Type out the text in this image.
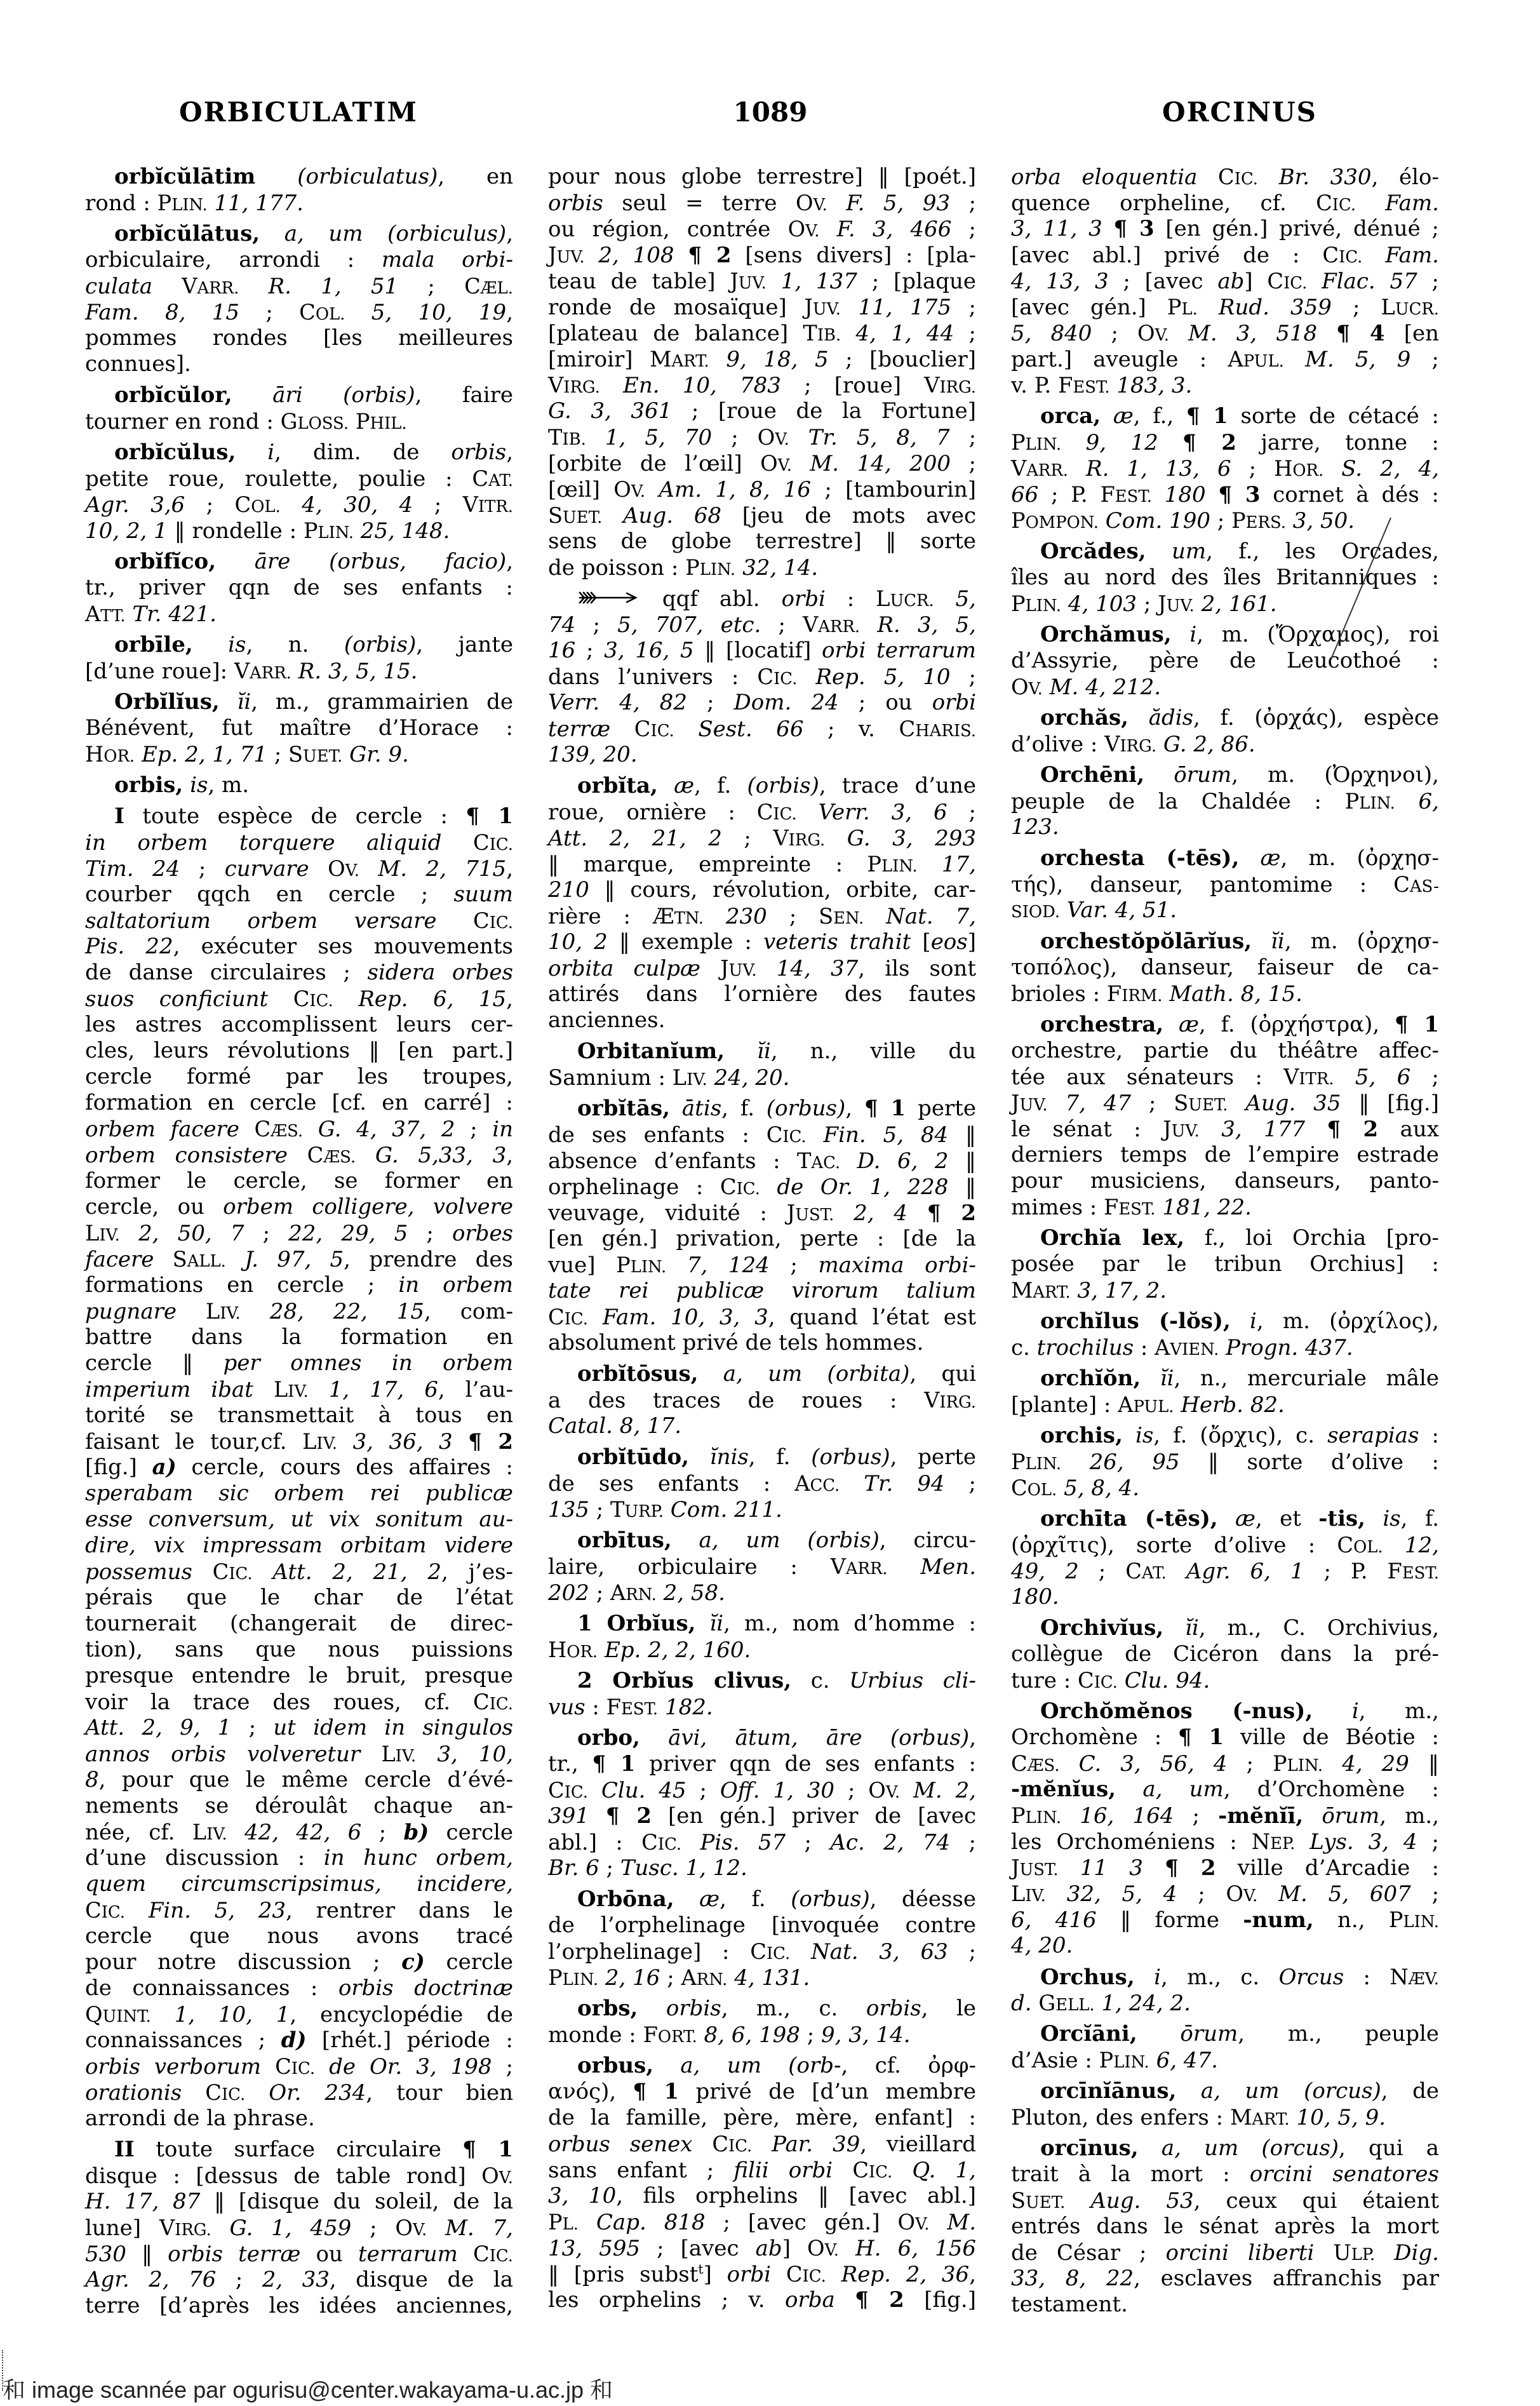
ORBICULATIM	1089	ORCINUS
orbĭcŭlātim (orbiculatus), en
rond : PLIN. 11, 177.
orbĭcŭlātus, a, um (orbiculus),
orbiculaire, arrondi : mala orbi-
culata VARR. R. 1, 51 ; CÆL.
Fam. 8, 15 ; COL. 5, 10, 19,
pommes rondes [les meilleures
connues].
orbĭcŭlor, āri (orbis), faire
tourner en rond : GLOSS. PHIL.
orbĭcŭlus, i, dim. de orbis,
petite roue, roulette, poulie : CAT.
Agr. 3,6 ; COL. 4, 30, 4 ; VITR.
10, 2, 1 ‖ rondelle : PLIN. 25, 148.
orbĭfĭco, āre (orbus, facio),
tr., priver qqn de ses enfants :
ATT. Tr. 421.
orbīle, is, n. (orbis), jante
[d’une roue]: VARR. R. 3, 5, 15.
Orbĭlĭus, ĭi, m., grammairien de
Bénévent, fut maître d’Horace :
HOR. Ep. 2, 1, 71 ; SUET. Gr. 9.
orbis, is, m.
I toute espèce de cercle : ¶ 1
in orbem torquere aliquid CIC.
Tim. 24 ; curvare OV. M. 2, 715,
courber qqch en cercle ; suum
saltatorium orbem versare CIC.
Pis. 22, exécuter ses mouvements
de danse circulaires ; sidera orbes
suos conficiunt CIC. Rep. 6, 15,
les astres accomplissent leurs cer-
cles, leurs révolutions ‖ [en part.]
cercle formé par les troupes,
formation en cercle [cf. en carré] :
orbem facere CÆS. G. 4, 37, 2 ; in
orbem consistere CÆS. G. 5,33, 3,
former le cercle, se former en
cercle, ou orbem colligere, volvere
LIV. 2, 50, 7 ; 22, 29, 5 ; orbes
facere SALL. J. 97, 5, prendre des
formations en cercle ; in orbem
pugnare LIV. 28, 22, 15, com-
battre dans la formation en
cercle ‖ per omnes in orbem
imperium ibat LIV. 1, 17, 6, l’au-
torité se transmettait à tous en
faisant le tour,cf. LIV. 3, 36, 3 ¶ 2
[fig.] a) cercle, cours des affaires :
sperabam sic orbem rei publicæ
esse conversum, ut vix sonitum au-
dire, vix impressam orbitam videre
possemus CIC. Att. 2, 21, 2, j’es-
pérais que le char de l’état
tournerait (changerait de direc-
tion), sans que nous puissions
presque entendre le bruit, presque
voir la trace des roues, cf. CIC.
Att. 2, 9, 1 ; ut idem in singulos
annos orbis volveretur LIV. 3, 10,
8, pour que le même cercle d’évé-
nements se déroulât chaque an-
née, cf. LIV. 42, 42, 6 ; b) cercle
d’une discussion : in hunc orbem,
quem circumscripsimus, incidere,
CIC. Fin. 5, 23, rentrer dans le
cercle que nous avons tracé
pour notre discussion ; c) cercle
de connaissances : orbis doctrinæ
QUINT. 1, 10, 1, encyclopédie de
connaissances ; d) [rhét.] période :
orbis verborum CIC. de Or. 3, 198 ;
orationis CIC. Or. 234, tour bien
arrondi de la phrase.
II toute surface circulaire ¶ 1
disque : [dessus de table rond] OV.
H. 17, 87 ‖ [disque du soleil, de la
lune] VIRG. G. 1, 459 ; OV. M. 7,
530 ‖ orbis terræ ou terrarum CIC.
Agr. 2, 76 ; 2, 33, disque de la
terre [d’après les idées anciennes,
pour nous globe terrestre] ‖ [poét.]
orbis seul = terre OV. F. 5, 93 ;
ou région, contrée OV. F. 3, 466 ;
JUV. 2, 108 ¶ 2 [sens divers] : [pla-
teau de table] JUV. 1, 137 ; [plaque
ronde de mosaïque] JUV. 11, 175 ;
[plateau de balance] TIB. 4, 1, 44 ;
[miroir] MART. 9, 18, 5 ; [bouclier]
VIRG. En. 10, 783 ; [roue] VIRG.
G. 3, 361 ; [roue de la Fortune]
TIB. 1, 5, 70 ; OV. Tr. 5, 8, 7 ;
[orbite de l’œil] OV. M. 14, 200 ;
[œil] OV. Am. 1, 8, 16 ; [tambourin]
SUET. Aug. 68 [jeu de mots avec
sens de globe terrestre] ‖ sorte
de poisson : PLIN. 32, 14.
qqf abl. orbi : LUCR. 5,
74 ; 5, 707, etc. ; VARR. R. 3, 5,
16 ; 3, 16, 5 ‖ [locatif] orbi terrarum
dans l’univers : CIC. Rep. 5, 10 ;
Verr. 4, 82 ; Dom. 24 ; ou orbi
terræ CIC. Sest. 66 ; v. CHARIS.
139, 20.
orbĭta, æ, f. (orbis), trace d’une
roue, ornière : CIC. Verr. 3, 6 ;
Att. 2, 21, 2 ; VIRG. G. 3, 293
‖ marque, empreinte : PLIN. 17,
210 ‖ cours, révolution, orbite, car-
rière : ÆTN. 230 ; SEN. Nat. 7,
10, 2 ‖ exemple : veteris trahit [eos]
orbita culpæ JUV. 14, 37, ils sont
attirés dans l’ornière des fautes
anciennes.
Orbitanĭum, ĭi, n., ville du
Samnium : LIV. 24, 20.
orbĭtās, ātis, f. (orbus), ¶ 1 perte
de ses enfants : CIC. Fin. 5, 84 ‖
absence d’enfants : TAC. D. 6, 2 ‖
orphelinage : CIC. de Or. 1, 228 ‖
veuvage, viduité : JUST. 2, 4 ¶ 2
[en gén.] privation, perte : [de la
vue] PLIN. 7, 124 ; maxima orbi-
tate rei publicæ virorum talium
CIC. Fam. 10, 3, 3, quand l’état est
absolument privé de tels hommes.
orbĭtōsus, a, um (orbita), qui
a des traces de roues : VIRG.
Catal. 8, 17.
orbĭtūdo, ĭnis, f. (orbus), perte
de ses enfants : ACC. Tr. 94 ;
135 ; TURP. Com. 211.
orbītus, a, um (orbis), circu-
laire, orbiculaire : VARR. Men.
202 ; ARN. 2, 58.
1 Orbĭus, ĭi, m., nom d’homme :
HOR. Ep. 2, 2, 160.
2 Orbĭus clivus, c. Urbius cli-
vus : FEST. 182.
orbo, āvi, ātum, āre (orbus),
tr., ¶ 1 priver qqn de ses enfants :
CIC. Clu. 45 ; Off. 1, 30 ; OV. M. 2,
391 ¶ 2 [en gén.] priver de [avec
abl.] : CIC. Pis. 57 ; Ac. 2, 74 ;
Br. 6 ; Tusc. 1, 12.
Orbōna, æ, f. (orbus), déesse
de l’orphelinage [invoquée contre
l’orphelinage] : CIC. Nat. 3, 63 ;
PLIN. 2, 16 ; ARN. 4, 131.
orbs, orbis, m., c. orbis, le
monde : FORT. 8, 6, 198 ; 9, 3, 14.
orbus, a, um (orb-, cf. ὀρφ-
ανός), ¶ 1 privé de [d’un membre
de la famille, père, mère, enfant] :
orbus senex CIC. Par. 39, vieillard
sans enfant ; filii orbi CIC. Q. 1,
3, 10, fils orphelins ‖ [avec abl.]
PL. Cap. 818 ; [avec gén.] OV. M.
13, 595 ; [avec ab] OV. H. 6, 156
‖ [pris subst$^t$] orbi CIC. Rep. 2, 36,
les orphelins ; v. orba ¶ 2 [fig.]
orba eloquentia CIC. Br. 330, élo-
quence orpheline, cf. CIC. Fam.
3, 11, 3 ¶ 3 [en gén.] privé, dénué ;
[avec abl.] privé de : CIC. Fam.
4, 13, 3 ; [avec ab] CIC. Flac. 57 ;
[avec gén.] PL. Rud. 359 ; LUCR.
5, 840 ; OV. M. 3, 518 ¶ 4 [en
part.] aveugle : APUL. M. 5, 9 ;
v. P. FEST. 183, 3.
orca, æ, f., ¶ 1 sorte de cétacé :
PLIN. 9, 12 ¶ 2 jarre, tonne :
VARR. R. 1, 13, 6 ; HOR. S. 2, 4,
66 ; P. FEST. 180 ¶ 3 cornet à dés :
POMPON. Com. 190 ; PERS. 3, 50.
Orcădes, um, f., les Orcades,
îles au nord des îles Britanniques :
PLIN. 4, 103 ; JUV. 2, 161.
Orchămus, i, m. (Ὄρχαμος), roi
d’Assyrie, père de Leucothoé :
OV. M. 4, 212.
orchăs, ădis, f. (ὀρχάς), espèce
d’olive : VIRG. G. 2, 86.
Orchēni, ōrum, m. (Ὀρχηνοι),
peuple de la Chaldée : PLIN. 6,
123.
orchesta (-tēs), æ, m. (ὀρχησ-
τής), danseur, pantomime : CAS-
SIOD. Var. 4, 51.
orchestŏpŏlārĭus, ĭi, m. (ὀρχησ-
τοπόλος), danseur, faiseur de ca-
brioles : FIRM. Math. 8, 15.
orchestra, æ, f. (ὀρχήστρα), ¶ 1
orchestre, partie du théâtre affec-
tée aux sénateurs : VITR. 5, 6 ;
JUV. 7, 47 ; SUET. Aug. 35 ‖ [fig.]
le sénat : JUV. 3, 177 ¶ 2 aux
derniers temps de l’empire estrade
pour musiciens, danseurs, panto-
mimes : FEST. 181, 22.
Orchĭa lex, f., loi Orchia [pro-
posée par le tribun Orchius] :
MART. 3, 17, 2.
orchĭlus (-lŏs), i, m. (ὀρχίλος),
c. trochilus : AVIEN. Progn. 437.
orchĭŏn, ĭi, n., mercuriale mâle
[plante] : APUL. Herb. 82.
orchis, is, f. (ὄρχις), c. serapias :
PLIN. 26, 95 ‖ sorte d’olive :
COL. 5, 8, 4.
orchīta (-tēs), æ, et -tis, is, f.
(ὀρχῖτις), sorte d’olive : COL. 12,
49, 2 ; CAT. Agr. 6, 1 ; P. FEST.
180.
Orchivĭus, ĭi, m., C. Orchivius,
collègue de Cicéron dans la pré-
ture : CIC. Clu. 94.
Orchŏmĕnos (-nus), i, m.,
Orchomène : ¶ 1 ville de Béotie :
CÆS. C. 3, 56, 4 ; PLIN. 4, 29 ‖
-mĕnĭus, a, um, d’Orchomène :
PLIN. 16, 164 ; -mĕnĭī, ōrum, m.,
les Orchoméniens : NEP. Lys. 3, 4 ;
JUST. 11 3 ¶ 2 ville d’Arcadie :
LIV. 32, 5, 4 ; OV. M. 5, 607 ;
6, 416 ‖ forme -num, n., PLIN.
4, 20.
Orchus, i, m., c. Orcus : NÆV.
d. GELL. 1, 24, 2.
Orcĭāni, ōrum, m., peuple
d’Asie : PLIN. 6, 47.
orcīnĭānus, a, um (orcus), de
Pluton, des enfers : MART. 10, 5, 9.
orcīnus, a, um (orcus), qui a
trait à la mort : orcini senatores
SUET. Aug. 53, ceux qui étaient
entrés dans le sénat après la mort
de César ; orcini liberti ULP. Dig.
33, 8, 22, esclaves affranchis par
testament.
和 image scannée par ogurisu@center.wakayama-u.ac.jp 和
